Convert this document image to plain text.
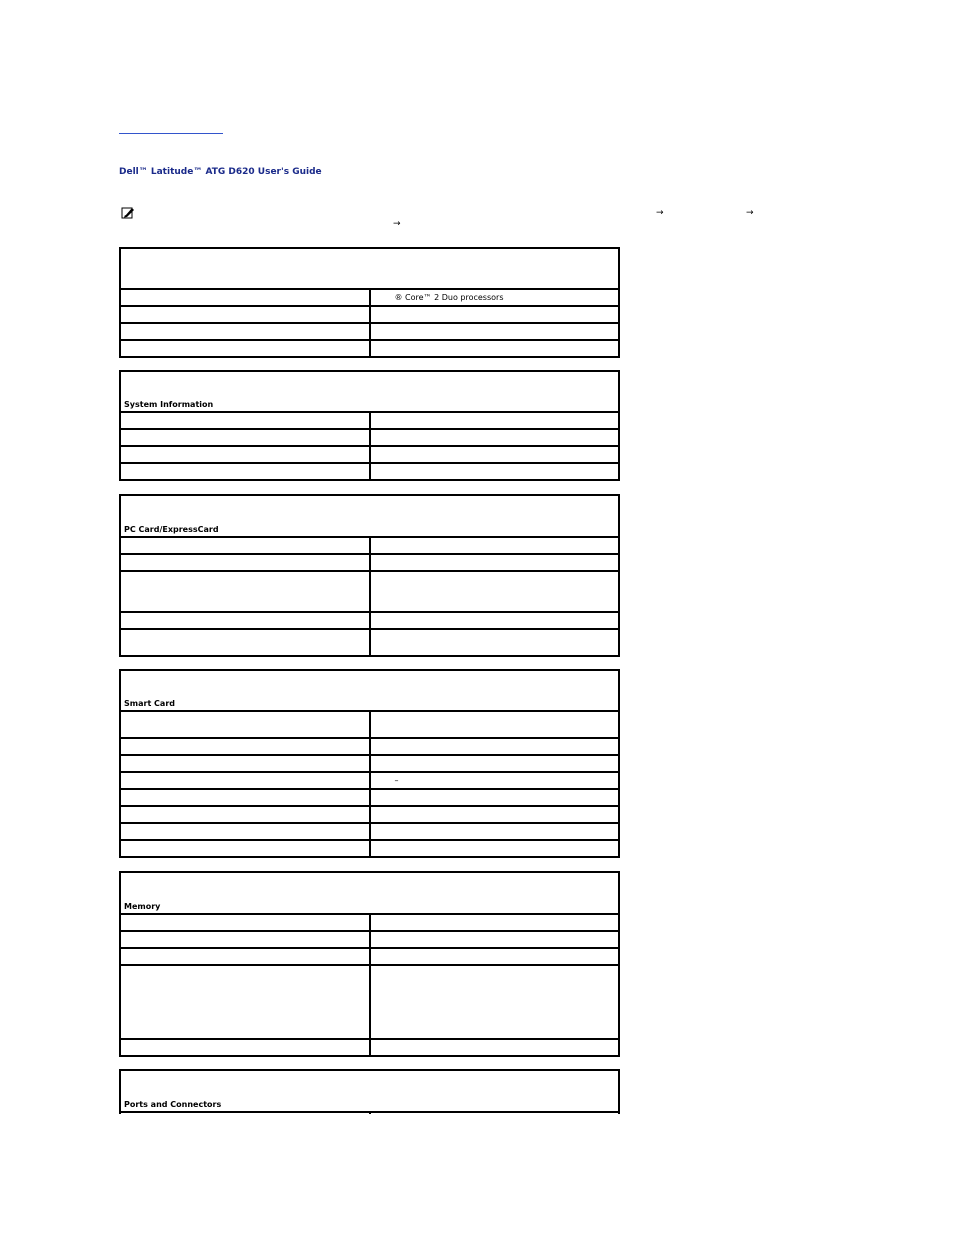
Dell™ Latitude™ ATG D620 User's Guide
→	→
→

	® Core™ 2 Duo processors

System Information	

PC Card/ExpressCard	

Smart Card	

	–

Memory	

Ports and Connectors
